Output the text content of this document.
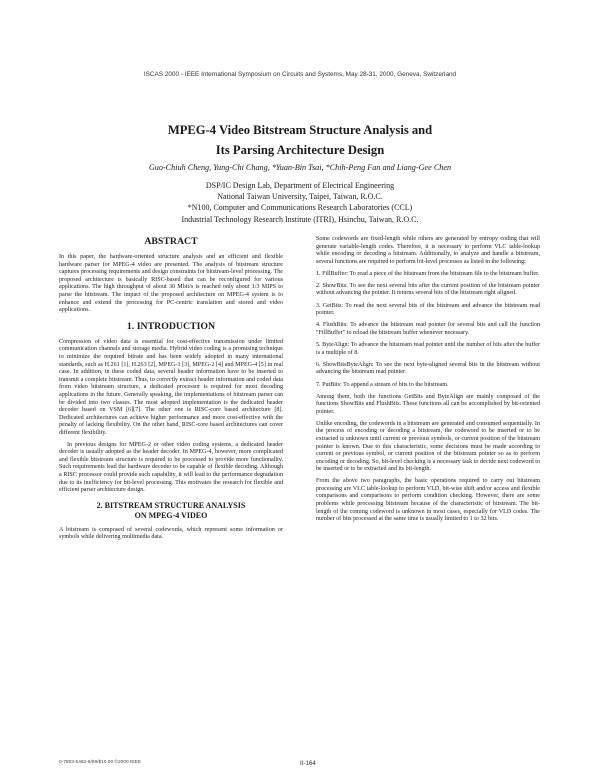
ISCAS 2000 - IEEE International Symposium on Circuits and Systems, May 28-31, 2000, Geneva, Switzerland
MPEG-4 Video Bitstream Structure Analysis and
Its Parsing Architecture Design
Guo-Chiuh Cheng, Yung-Chi Chang, *Yuan-Bin Tsai, *Chih-Peng Fan and Liang-Gee Chen
DSP/IC Design Lab, Department of Electrical Engineering
National Taiwan University, Taipei, Taiwan, R.O.C.
*N100, Computer and Communications Research Laboratories (CCL)
Industrial Technology Research Institute (ITRI), Hsinchu, Taiwan, R.O.C.
ABSTRACT

In this paper, the hardware-oriented structure analysis and an efficient and flexible hardware parser for MPEG-4 video are presented. The analysis of bitstream structure captures processing requirements and design constraints for bitstream-level processing. The proposed architecture is basically RISC-based that can be reconfigured for various applications. The high throughput of about 30 Mbit/s is reached only about 1/3 MIPS to parse the bitstream. The impact of the proposed architecture on MPEG-4 system is to enhance and extend the processing for PC-centric translation and stored and video applications.

1. INTRODUCTION

Compression of video data is essential for cost-effective transmission under limited communication channels and storage media. Hybrid video coding is a promising technique to minimize the required bitrate and has been widely adopted in many international standards, such as H.261 [1], H.263 [2], MPEG-1 [3], MPEG-2 [4] and MPEG-4 [5] in real case. In addition, in these coded data, several header information have to be inserted to transmit a complete bitstream. Thus, to correctly extract header information and coded data from video bitstream structure, a dedicated processor is required for most decoding applications in the future. Generally speaking, the implementations of bitstream parser can be divided into two classes. The most adopted implementation is the dedicated header decoder based on VSM [6][7]. The other one is RISC-core based architecture [8]. Dedicated architectures can achieve higher performance and more cost-effective with the penalty of lacking flexibility. On the other hand, RISC-core based architectures can cover different flexibility.

In previous designs for MPEG-2 or other video coding systems, a dedicated header decoder is usually adopted as the header decoder. In MPEG-4, however, more complicated and flexible bitstream structure is required to be processed to provide more functionality. Such requirements lead the hardware decoder to be capable of flexible decoding. Although a RISC processor could provide such capability, it will lead to the performance degradation due to its inefficiency for bit-level processing. This motivates the research for flexible and efficient parser architecture design.

2. BITSTREAM STRUCTURE ANALYSIS
ON MPEG-4 VIDEO

A bitstream is composed of several codewords, which represent some information or symbols while delivering multimedia data.

Some codewords are fixed-length while others are generated by entropy coding that will generate variable-length codes. Therefore, it is necessary to perform VLC table-lookup while encoding or decoding a bitstream. Additionally, to analyze and handle a bitstream, several functions are required to perform bit-level processes as listed in the following:

1. FillBuffer: To read a piece of the bitstream from the bitstream file to the bitstream buffer.

2. ShowBits: To see the next several bits after the current position of the bitstream pointer without advancing the pointer. It returns several bits of the bitstream right aligned.

3. GetBits: To read the next several bits of the bitstream and advance the bitstream read pointer.

4. FlushBits: To advance the bitstream read pointer for several bits and call the function "FillBuffer" to reload the bitstream buffer whenever necessary.

5. ByteAlign: To advance the bitstream read pointer until the number of bits after the buffer is a multiple of 8.

6. ShowBitsByteAlign: To see the next byte-aligned several bits in the bitstream without advancing the bitstream read pointer.

7. PutBits: To append a stream of bits to the bitstream.

Among them, both the functions GetBits and ByteAlign are mainly composed of the functions ShowBits and FlushBits. These functions all can be accomplished by bit-oriented pointer.

Unlike encoding, the codewords in a bitstream are generated and consumed sequentially. In the process of encoding or decoding a bitstream, the codeword to be inserted or to be extracted is unknown until current or previous symbols, or current position of the bitstream pointer is known. Due to this characteristic, some decisions must be made according to current or previous symbol, or current position of the bitstream pointer so as to perform encoding or decoding. So, bit-level checking is a necessary task to decide next codeword to be inserted or to be extracted and its bit-length.

From the above two paragraphs, the basic operations required to carry out bitstream processing are VLC table-lookup to perform VLD, bit-wise shift and/or access and flexible comparisons and comparisons to perform condition checking. However, there are some problems while processing bitstream because of the characteristic of bitstream. The bit-length of the coming codeword is unknown in most cases, especially for VLD codes. The number of bits processed at the same time is usually limited to 1 to 32 bits.

0-7803-5482-6/99/$10.00 ©2000 IEEE	II-164
